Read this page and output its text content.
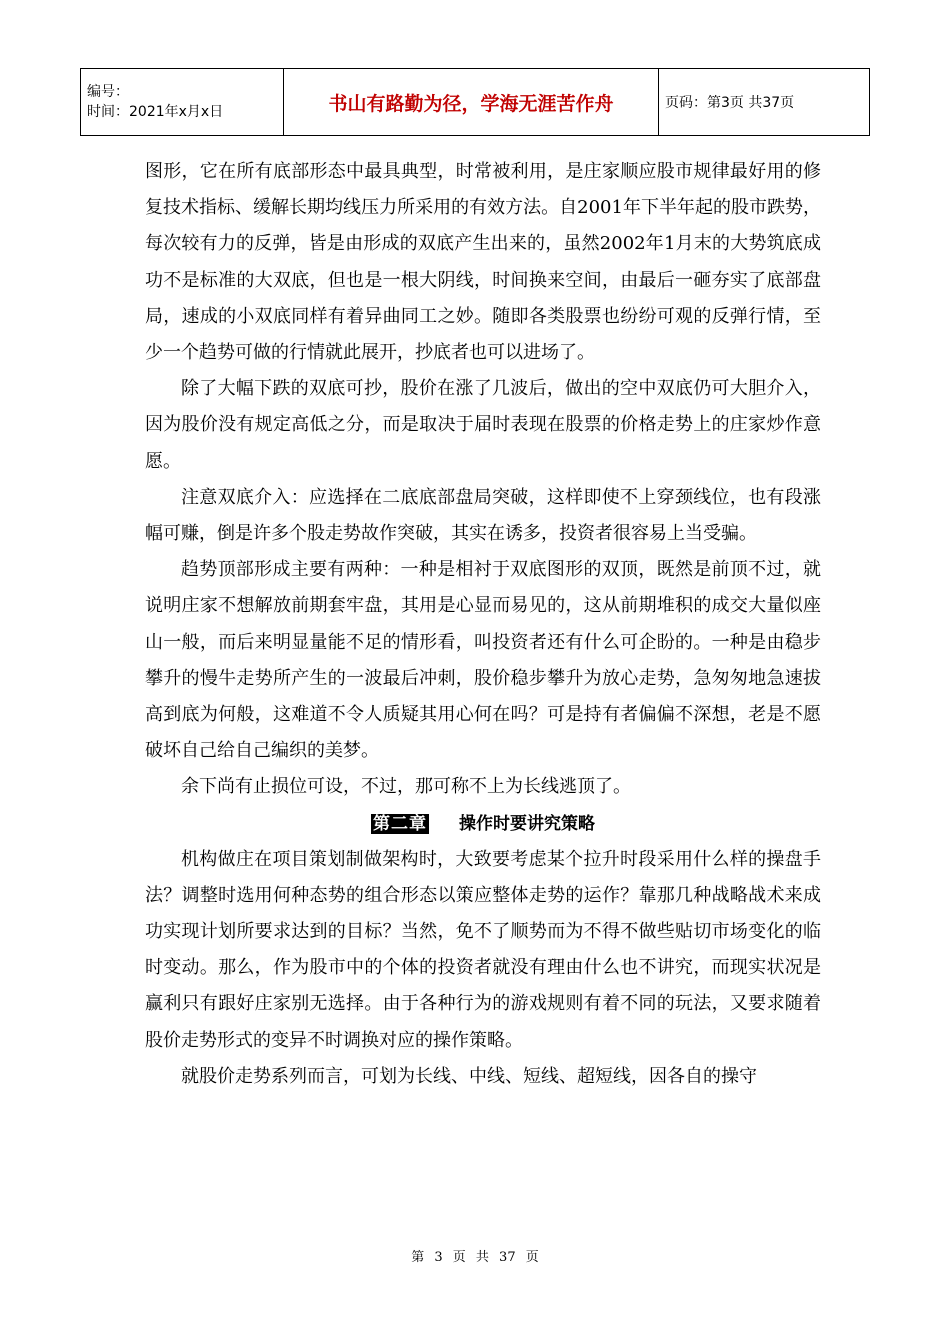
编号：
时间：2021年x月x日	书山有路勤为径，学海无涯苦作舟	页码：第3页 共37页

图形，它在所有底部形态中最具典型，时常被利用，是庄家顺应股市规律最好用的修复技术指标、缓解长期均线压力所采用的有效方法。自2001年下半年起的股市跌势，每次较有力的反弹，皆是由形成的双底产生出来的，虽然2002年1月末的大势筑底成功不是标准的大双底，但也是一根大阴线，时间换来空间，由最后一砸夯实了底部盘局，速成的小双底同样有着异曲同工之妙。随即各类股票也纷纷可观的反弹行情，至少一个趋势可做的行情就此展开，抄底者也可以进场了。

除了大幅下跌的双底可抄，股价在涨了几波后，做出的空中双底仍可大胆介入，因为股价没有规定高低之分，而是取决于届时表现在股票的价格走势上的庄家炒作意愿。

注意双底介入：应选择在二底底部盘局突破，这样即使不上穿颈线位，也有段涨幅可赚，倒是许多个股走势故作突破，其实在诱多，投资者很容易上当受骗。

趋势顶部形成主要有两种：一种是相衬于双底图形的双顶，既然是前顶不过，就说明庄家不想解放前期套牢盘，其用是心显而易见的，这从前期堆积的成交大量似座山一般，而后来明显量能不足的情形看，叫投资者还有什么可企盼的。一种是由稳步攀升的慢牛走势所产生的一波最后冲刺，股价稳步攀升为放心走势，急匆匆地急速拔高到底为何般，这难道不令人质疑其用心何在吗？可是持有者偏偏不深想，老是不愿破坏自己给自己编织的美梦。

余下尚有止损位可设，不过，那可称不上为长线逃顶了。

第二章 操作时要讲究策略

机构做庄在项目策划制做架构时，大致要考虑某个拉升时段采用什么样的操盘手法？调整时选用何种态势的组合形态以策应整体走势的运作？靠那几种战略战术来成功实现计划所要求达到的目标？当然，免不了顺势而为不得不做些贴切市场变化的临时变动。那么，作为股市中的个体的投资者就没有理由什么也不讲究，而现实状况是赢利只有跟好庄家别无选择。由于各种行为的游戏规则有着不同的玩法，又要求随着股价走势形式的变异不时调换对应的操作策略。

就股价走势系列而言，可划为长线、中线、短线、超短线，因各自的操守

第 3 页 共 37 页
